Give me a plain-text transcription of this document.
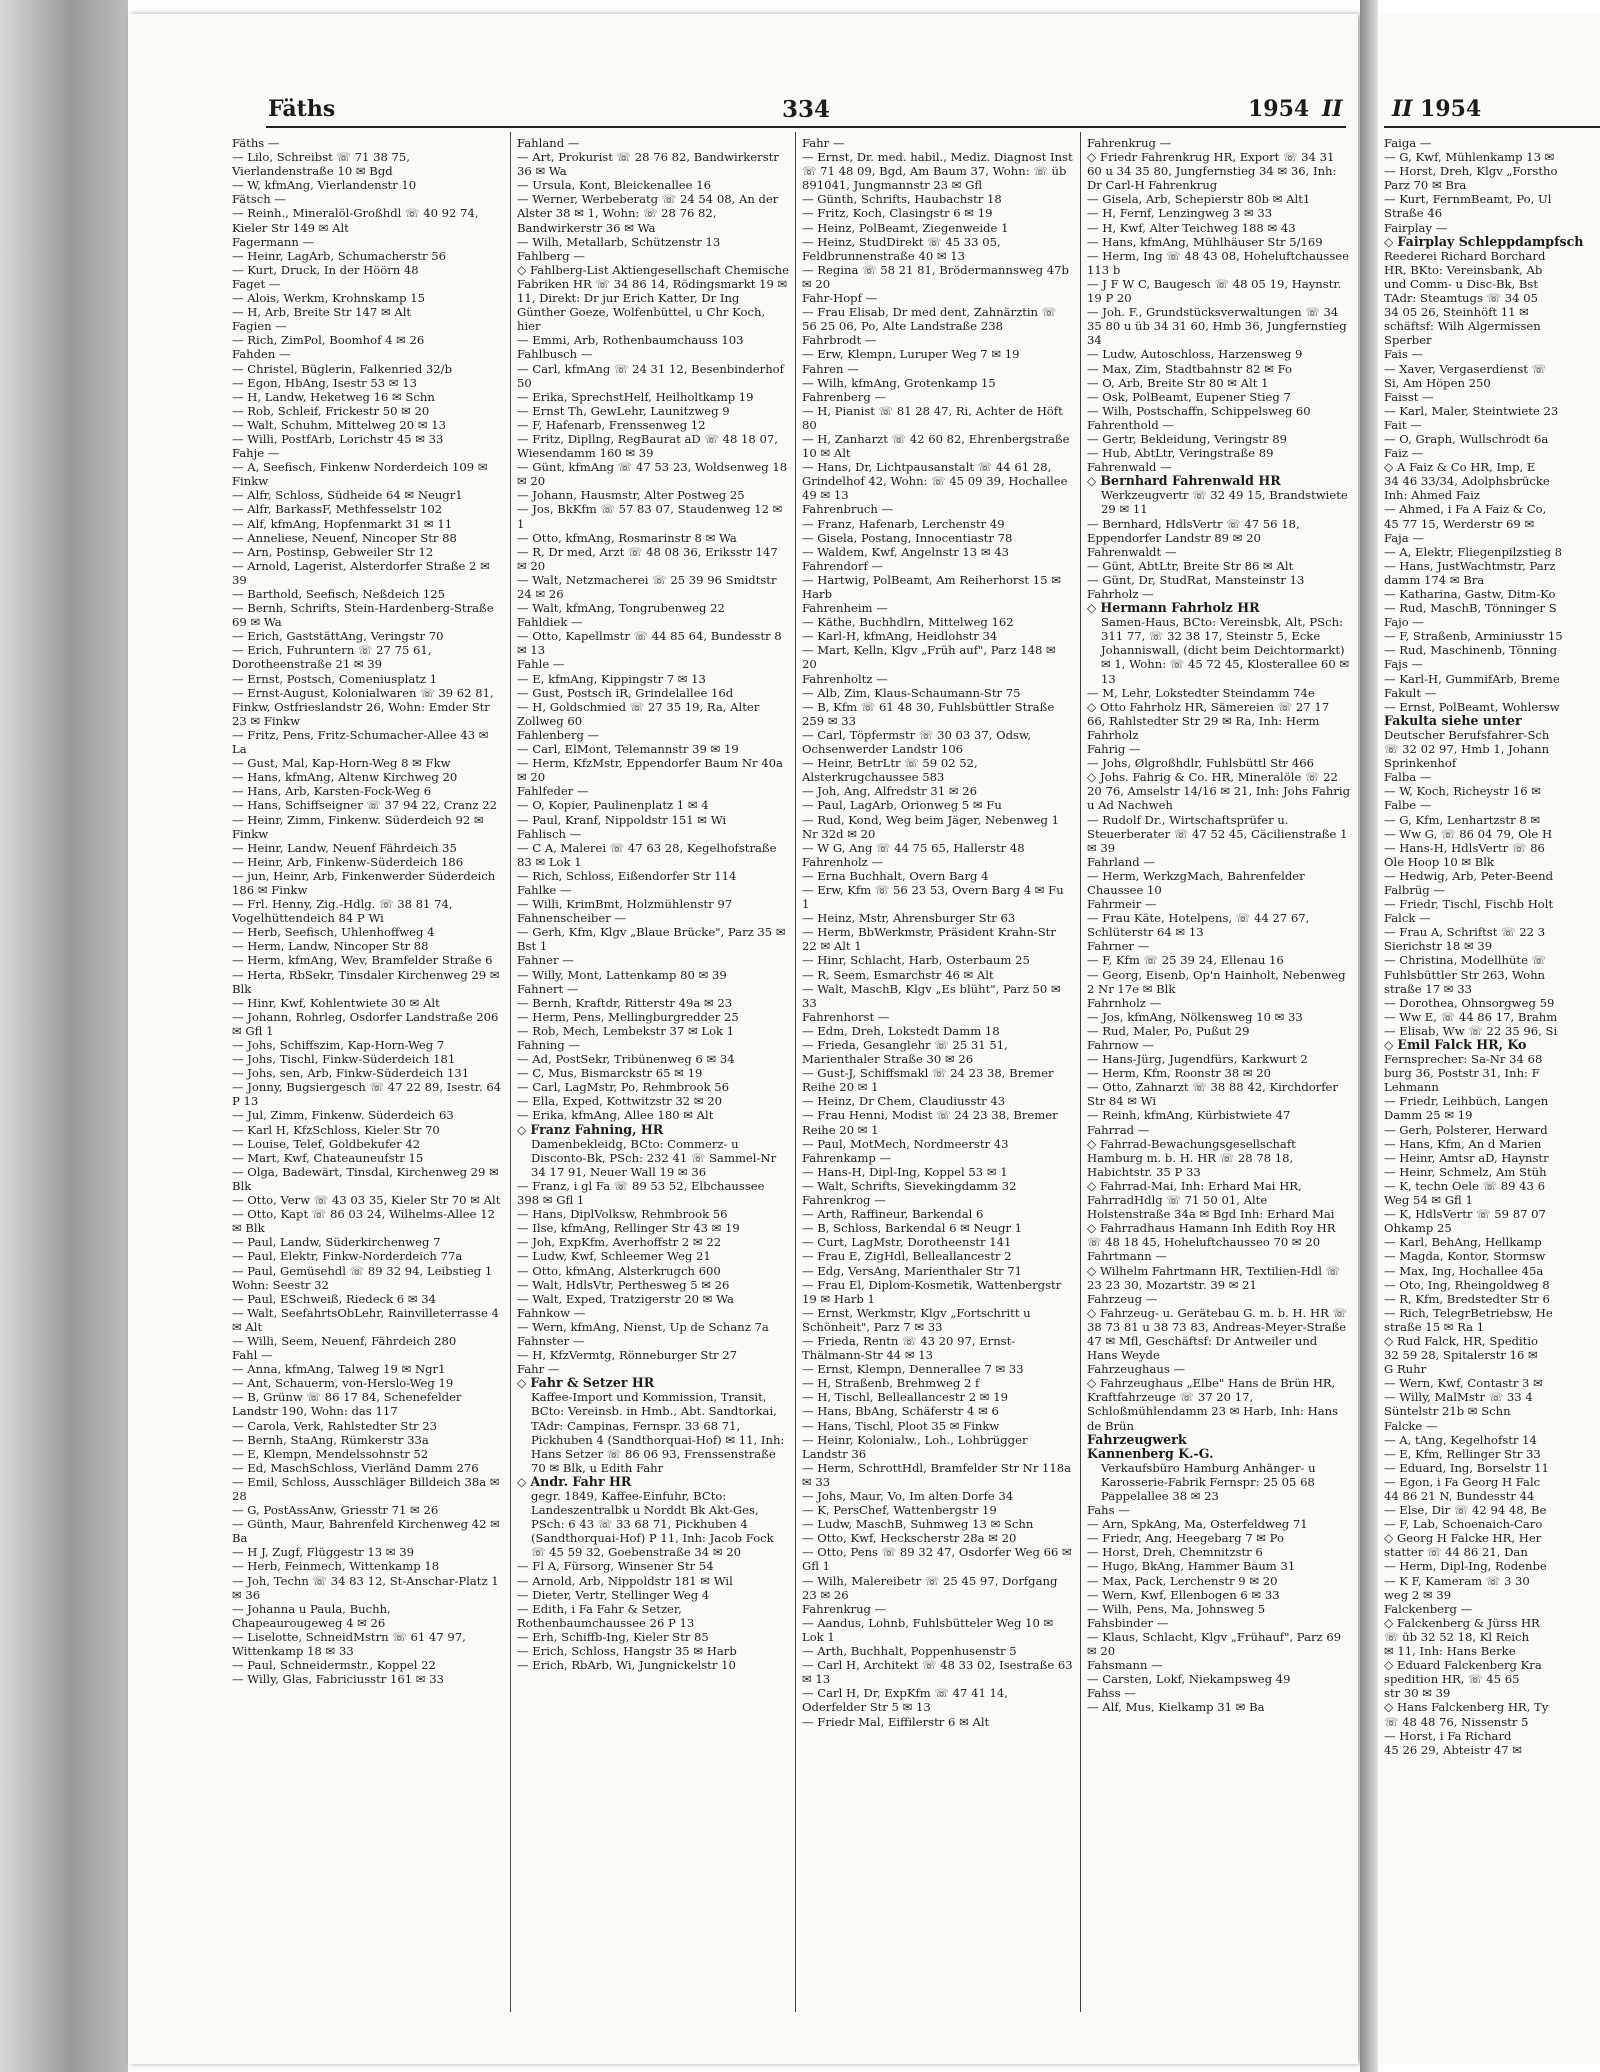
Fäths	334	1954 II II 1954
Fäths —
— Lilo, Schreibst ☏ 71 38 75, Vierlandenstraße 10 ✉ Bgd
— W, kfmAng, Vierlandenstr 10
Fätsch —
— Reinh., Mineralöl-Großhdl ☏ 40 92 74, Kieler Str 149 ✉ Alt
Fagermann —
— Heinr, LagArb, Schumacherstr 56
— Kurt, Druck, In der Höörn 48
Faget —
— Alois, Werkm, Krohnskamp 15
— H, Arb, Breite Str 147 ✉ Alt
Fagien —
— Rich, ZimPol, Boomhof 4 ✉ 26
Fahden —
— Christel, Büglerin, Falkenried 32/b
— Egon, HbAng, Isestr 53 ✉ 13
— H, Landw, Heketweg 16 ✉ Schn
— Rob, Schleif, Frickestr 50 ✉ 20
— Walt, Schuhm, Mittelweg 20 ✉ 13
— Willi, PostfArb, Lorichstr 45 ✉ 33
Fahje —
— A, Seefisch, Finkenw Norderdeich 109 ✉ Finkw
— Alfr, Schloss, Südheide 64 ✉ Neugr1
— Alfr, BarkassF, Methfesselstr 102
— Alf, kfmAng, Hopfenmarkt 31 ✉ 11
— Anneliese, Neuenf, Nincoper Str 88
— Arn, Postinsp, Gebweiler Str 12
— Arnold, Lagerist, Alsterdorfer Straße 2 ✉ 39
— Barthold, Seefisch, Neßdeich 125
— Bernh, Schrifts, Stein-Hardenberg-Straße 69 ✉ Wa
— Erich, GaststättAng, Veringstr 70
— Erich, Fuhruntern ☏ 27 75 61, Dorotheenstraße 21 ✉ 39
— Ernst, Postsch, Comeniusplatz 1
— Ernst-August, Kolonialwaren ☏ 39 62 81, Finkw, Ostfrieslandstr 26, Wohn: Emder Str 23 ✉ Finkw
— Fritz, Pens, Fritz-Schumacher-Allee 43 ✉ La
— Gust, Mal, Kap-Horn-Weg 8 ✉ Fkw
— Hans, kfmAng, Altenw Kirchweg 20
— Hans, Arb, Karsten-Fock-Weg 6
— Hans, Schiffseigner ☏ 37 94 22, Cranz 22
— Heinr, Zimm, Finkenw. Süderdeich 92 ✉ Finkw
— Heinr, Landw, Neuenf Fährdeich 35
— Heinr, Arb, Finkenw-Süderdeich 186
— jun, Heinr, Arb, Finkenwerder Süderdeich 186 ✉ Finkw
— Frl. Henny, Zig.-Hdlg. ☏ 38 81 74, Vogelhüttendeich 84 P Wi
— Herb, Seefisch, Uhlenhoffweg 4
— Herm, Landw, Nincoper Str 88
— Herm, kfmAng, Wev, Bramfelder Straße 6
— Herta, RbSekr, Tinsdaler Kirchenweg 29 ✉ Blk
— Hinr, Kwf, Kohlentwiete 30 ✉ Alt
— Johann, Rohrleg, Osdorfer Landstraße 206 ✉ Gfl 1
— Johs, Schiffszim, Kap-Horn-Weg 7
— Johs, Tischl, Finkw-Süderdeich 181
— Johs, sen, Arb, Finkw-Süderdeich 131
— Jonny, Bugsiergesch ☏ 47 22 89, Isestr. 64 P 13
— Jul, Zimm, Finkenw. Süderdeich 63
— Karl H, KfzSchloss, Kieler Str 70
— Louise, Telef, Goldbekufer 42
— Mart, Kwf, Chateauneufstr 15
— Olga, Badewärt, Tinsdal, Kirchenweg 29 ✉ Blk
— Otto, Verw ☏ 43 03 35, Kieler Str 70 ✉ Alt
— Otto, Kapt ☏ 86 03 24, Wilhelms-Allee 12 ✉ Blk
— Paul, Landw, Süderkirchenweg 7
— Paul, Elektr, Finkw-Norderdeich 77a
— Paul, Gemüsehdl ☏ 89 32 94, Leibstieg 1 Wohn: Seestr 32
— Paul, ESchweiß, Riedeck 6 ✉ 34
— Walt, SeefahrtsObLehr, Rainvilleterrasse 4 ✉ Alt
— Willi, Seem, Neuenf, Fährdeich 280
Fahl —
— Anna, kfmAng, Talweg 19 ✉ Ngr1
— Ant, Schauerm, von-Herslo-Weg 19
— B, Grünw ☏ 86 17 84, Schenefelder Landstr 190, Wohn: das 117
— Carola, Verk, Rahlstedter Str 23
— Bernh, StaAng, Rümkerstr 33a
— E, Klempn, Mendelssohnstr 52
— Ed, MaschSchloss, Vierländ Damm 276
— Emil, Schloss, Ausschläger Billdeich 38a ✉ 28
— G, PostAssAnw, Griesstr 71 ✉ 26
— Günth, Maur, Bahrenfeld Kirchenweg 42 ✉ Ba
— H J, Zugf, Flüggestr 13 ✉ 39
— Herb, Feinmech, Wittenkamp 18
— Joh, Techn ☏ 34 83 12, St-Anschar-Platz 1 ✉ 36
— Johanna u Paula, Buchh, Chapeaurougeweg 4 ✉ 26
— Liselotte, SchneidMstrn ☏ 61 47 97, Wittenkamp 18 ✉ 33
— Paul, Schneidermstr., Koppel 22
— Willy, Glas, Fabriciusstr 161 ✉ 33
Fahland —
— Art, Prokurist ☏ 28 76 82, Bandwirkerstr 36 ✉ Wa
— Ursula, Kont, Bleickenallee 16
— Werner, Werbeberatg ☏ 24 54 08, An der Alster 38 ✉ 1, Wohn: ☏ 28 76 82, Bandwirkerstr 36 ✉ Wa
— Wilh, Metallarb, Schützenstr 13
Fahlberg —
◇ Fahlberg-List Aktiengesellschaft Chemische Fabriken HR ☏ 34 86 14, Rödingsmarkt 19 ✉ 11, Direkt: Dr jur Erich Katter, Dr Ing Günther Goeze, Wolfenbüttel, u Chr Koch, hier
— Emmi, Arb, Rothenbaumchauss 103
Fahlbusch —
— Carl, kfmAng ☏ 24 31 12, Besenbinderhof 50
— Erika, SprechstHelf, Heilholtkamp 19
— Ernst Th, GewLehr, Launitzweg 9
— F, Hafenarb, Frenssenweg 12
— Fritz, Dipllng, RegBaurat aD ☏ 48 18 07, Wiesendamm 160 ✉ 39
— Günt, kfmAng ☏ 47 53 23, Woldsenweg 18 ✉ 20
— Johann, Hausmstr, Alter Postweg 25
— Jos, BkKfm ☏ 57 83 07, Staudenweg 12 ✉ 1
— Otto, kfmAng, Rosmarinstr 8 ✉ Wa
— R, Dr med, Arzt ☏ 48 08 36, Eriksstr 147 ✉ 20
— Walt, Netzmacherei ☏ 25 39 96 Smidtstr 24 ✉ 26
— Walt, kfmAng, Tongrubenweg 22
Fahldiek —
— Otto, Kapellmstr ☏ 44 85 64, Bundesstr 8 ✉ 13
Fahle —
— E, kfmAng, Kippingstr 7 ✉ 13
— Gust, Postsch iR, Grindelallee 16d
— H, Goldschmied ☏ 27 35 19, Ra, Alter Zollweg 60
Fahlenberg —
— Carl, ElMont, Telemannstr 39 ✉ 19
— Herm, KfzMstr, Eppendorfer Baum Nr 40a ✉ 20
Fahlfeder —
— O, Kopier, Paulinenplatz 1 ✉ 4
— Paul, Kranf, Nippoldstr 151 ✉ Wi
Fahlisch —
— C A, Malerei ☏ 47 63 28, Kegelhofstraße 83 ✉ Lok 1
— Rich, Schloss, Eißendorfer Str 114
Fahlke —
— Willi, KrimBmt, Holzmühlenstr 97
Fahnenscheiber —
— Gerh, Kfm, Klgv „Blaue Brücke", Parz 35 ✉ Bst 1
Fahner —
— Willy, Mont, Lattenkamp 80 ✉ 39
Fahnert —
— Bernh, Kraftdr, Ritterstr 49a ✉ 23
— Herm, Pens, Mellingburgredder 25
— Rob, Mech, Lembekstr 37 ✉ Lok 1
Fahning —
— Ad, PostSekr, Tribünenweg 6 ✉ 34
— C, Mus, Bismarckstr 65 ✉ 19
— Carl, LagMstr, Po, Rehmbrook 56
— Ella, Exped, Kottwitzstr 32 ✉ 20
— Erika, kfmAng, Allee 180 ✉ Alt
◇ Franz Fahning, HR
Damenbekleidg, BCto: Commerz- u Disconto-Bk, PSch: 232 41 ☏ Sammel-Nr 34 17 91, Neuer Wall 19 ✉ 36
— Franz, i gl Fa ☏ 89 53 52, Elbchaussee 398 ✉ Gfl 1
— Hans, DiplVolksw, Rehmbrook 56
— Ilse, kfmAng, Rellinger Str 43 ✉ 19
— Joh, ExpKfm, Averhoffstr 2 ✉ 22
— Ludw, Kwf, Schleemer Weg 21
— Otto, kfmAng, Alsterkrugch 600
— Walt, HdlsVtr, Perthesweg 5 ✉ 26
— Walt, Exped, Tratzigerstr 20 ✉ Wa
Fahnkow —
— Wern, kfmAng, Nienst, Up de Schanz 7a
Fahnster —
— H, KfzVermtg, Rönneburger Str 27
Fahr —
◇ Fahr & Setzer HR
Kaffee-Import und Kommission, Transit, BCto: Vereinsb. in Hmb., Abt. Sandtorkai, TAdr: Campinas, Fernspr. 33 68 71, Pickhuben 4 (Sandthorquai-Hof) ✉ 11, Inh: Hans Setzer ☏ 86 06 93, Frenssenstraße 70 ✉ Blk, u Edith Fahr
◇ Andr. Fahr HR
gegr. 1849, Kaffee-Einfuhr, BCto: Landeszentralbk u Norddt Bk Akt-Ges, PSch: 6 43 ☏ 33 68 71, Pickhuben 4 (Sandthorquai-Hof) P 11, Inh: Jacob Fock ☏ 45 59 32, Goebenstraße 34 ✉ 20
— Fl A, Fürsorg, Winsener Str 54
— Arnold, Arb, Nippoldstr 181 ✉ Wil
— Dieter, Vertr, Stellinger Weg 4
— Edith, i Fa Fahr & Setzer, Rothenbaumchaussee 26 P 13
— Erh, Schiffb-Ing, Kieler Str 85
— Erich, Schloss, Hangstr 35 ✉ Harb
— Erich, RbArb, Wi, Jungnickelstr 10
Fahr —
— Ernst, Dr. med. habil., Mediz. Diagnost Inst ☏ 71 48 09, Bgd, Am Baum 37, Wohn: ☏ üb 891041, Jungmannstr 23 ✉ Gfl
— Günth, Schrifts, Haubachstr 18
— Fritz, Koch, Clasingstr 6 ✉ 19
— Heinz, PolBeamt, Ziegenweide 1
— Heinz, StudDirekt ☏ 45 33 05, Feldbrunnenstraße 40 ✉ 13
— Regina ☏ 58 21 81, Brödermannsweg 47b ✉ 20
Fahr-Hopf —
— Frau Elisab, Dr med dent, Zahnärztin ☏ 56 25 06, Po, Alte Landstraße 238
Fahrbrodt —
— Erw, Klempn, Luruper Weg 7 ✉ 19
Fahren —
— Wilh, kfmAng, Grotenkamp 15
Fahrenberg —
— H, Pianist ☏ 81 28 47, Ri, Achter de Höft 80
— H, Zanharzt ☏ 42 60 82, Ehrenbergstraße 10 ✉ Alt
— Hans, Dr, Lichtpausanstalt ☏ 44 61 28, Grindelhof 42, Wohn: ☏ 45 09 39, Hochallee 49 ✉ 13
Fahrenbruch —
— Franz, Hafenarb, Lerchenstr 49
— Gisela, Postang, Innocentiastr 78
— Waldem, Kwf, Angelnstr 13 ✉ 43
Fahrendorf —
— Hartwig, PolBeamt, Am Reiherhorst 15 ✉ Harb
Fahrenheim —
— Käthe, Buchhdlrn, Mittelweg 162
— Karl-H, kfmAng, Heidlohstr 34
— Mart, Kelln, Klgv „Früh auf", Parz 148 ✉ 20
Fahrenholtz —
— Alb, Zim, Klaus-Schaumann-Str 75
— B, Kfm ☏ 61 48 30, Fuhlsbüttler Straße 259 ✉ 33
— Carl, Töpfermstr ☏ 30 03 37, Odsw, Ochsenwerder Landstr 106
— Heinr, BetrLtr ☏ 59 02 52, Alsterkrugchaussee 583
— Joh, Ang, Alfredstr 31 ✉ 26
— Paul, LagArb, Orionweg 5 ✉ Fu
— Rud, Kond, Weg beim Jäger, Nebenweg 1 Nr 32d ✉ 20
— W G, Ang ☏ 44 75 65, Hallerstr 48
Fahrenholz —
— Erna Buchhalt, Overn Barg 4
— Erw, Kfm ☏ 56 23 53, Overn Barg 4 ✉ Fu 1
— Heinz, Mstr, Ahrensburger Str 63
— Herm, BbWerkmstr, Präsident Krahn-Str 22 ✉ Alt 1
— Hinr, Schlacht, Harb, Osterbaum 25
— R, Seem, Esmarchstr 46 ✉ Alt
— Walt, MaschB, Klgv „Es blüht", Parz 50 ✉ 33
Fahrenhorst —
— Edm, Dreh, Lokstedt Damm 18
— Frieda, Gesanglehr ☏ 25 31 51, Marienthaler Straße 30 ✉ 26
— Gust-J, Schiffsmakl ☏ 24 23 38, Bremer Reihe 20 ✉ 1
— Heinz, Dr Chem, Claudiusstr 43
— Frau Henni, Modist ☏ 24 23 38, Bremer Reihe 20 ✉ 1
— Paul, MotMech, Nordmeerstr 43
Fahrenkamp —
— Hans-H, Dipl-Ing, Koppel 53 ✉ 1
— Walt, Schrifts, Sievekingdamm 32
Fahrenkrog —
— Arth, Raffineur, Barkendal 6
— B, Schloss, Barkendal 6 ✉ Neugr 1
— Curt, LagMstr, Dorotheenstr 141
— Frau E, ZigHdl, Belleallancestr 2
— Edg, VersAng, Marienthaler Str 71
— Frau El, Diplom-Kosmetik, Wattenbergstr 19 ✉ Harb 1
— Ernst, Werkmstr, Klgv „Fortschritt u Schönheit", Parz 7 ✉ 33
— Frieda, Rentn ☏ 43 20 97, Ernst-Thälmann-Str 44 ✉ 13
— Ernst, Klempn, Dennerallee 7 ✉ 33
— H, Straßenb, Brehmweg 2 f
— H, Tischl, Belleallancestr 2 ✉ 19
— Hans, BbAng, Schäferstr 4 ✉ 6
— Hans, Tischl, Ploot 35 ✉ Finkw
— Heinr, Kolonialw., Loh., Lohbrügger Landstr 36
— Herm, SchrottHdl, Bramfelder Str Nr 118a ✉ 33
— Johs, Maur, Vo, Im alten Dorfe 34
— K, PersChef, Wattenbergstr 19
— Ludw, MaschB, Suhmweg 13 ✉ Schn
— Otto, Kwf, Heckscherstr 28a ✉ 20
— Otto, Pens ☏ 89 32 47, Osdorfer Weg 66 ✉ Gfl 1
— Wilh, Malereibetr ☏ 25 45 97, Dorfgang 23 ✉ 26
Fahrenkrug —
— Aandus, Lohnb, Fuhlsbütteler Weg 10 ✉ Lok 1
— Arth, Buchhalt, Poppenhusenstr 5
— Carl H, Architekt ☏ 48 33 02, Isestraße 63 ✉ 13
— Carl H, Dr, ExpKfm ☏ 47 41 14, Oderfelder Str 5 ✉ 13
— Friedr Mal, Eiffilerstr 6 ✉ Alt
Fahrenkrug —
◇ Friedr Fahrenkrug HR, Export ☏ 34 31 60 u 34 35 80, Jungfernstieg 34 ✉ 36, Inh: Dr Carl-H Fahrenkrug
— Gisela, Arb, Schepierstr 80b ✉ Alt1
— H, Fernf, Lenzingweg 3 ✉ 33
— H, Kwf, Alter Teichweg 188 ✉ 43
— Hans, kfmAng, Mühlhäuser Str 5/169
— Herm, Ing ☏ 48 43 08, Hoheluftchaussee 113 b
— J F W C, Baugesch ☏ 48 05 19, Haynstr. 19 P 20
— Joh. F., Grundstücksverwaltungen ☏ 34 35 80 u üb 34 31 60, Hmb 36, Jungfernstieg 34
— Ludw, Autoschloss, Harzensweg 9
— Max, Zim, Stadtbahnstr 82 ✉ Fo
— O, Arb, Breite Str 80 ✉ Alt 1
— Osk, PolBeamt, Eupener Stieg 7
— Wilh, Postschaffn, Schippelsweg 60
Fahrenthold —
— Gertr, Bekleidung, Veringstr 89
— Hub, AbtLtr, Veringstraße 89
Fahrenwald —
◇ Bernhard Fahrenwald HR
Werkzeugvertr ☏ 32 49 15, Brandstwiete 29 ✉ 11
— Bernhard, HdlsVertr ☏ 47 56 18, Eppendorfer Landstr 89 ✉ 20
Fahrenwaldt —
— Günt, AbtLtr, Breite Str 86 ✉ Alt
— Günt, Dr, StudRat, Mansteinstr 13
Fahrholz —
◇ Hermann Fahrholz HR
Samen-Haus, BCto: Vereinsbk, Alt, PSch: 311 77, ☏ 32 38 17, Steinstr 5, Ecke Johanniswall, (dicht beim Deichtormarkt) ✉ 1, Wohn: ☏ 45 72 45, Klosterallee 60 ✉ 13
— M, Lehr, Lokstedter Steindamm 74e
◇ Otto Fahrholz HR, Sämereien ☏ 27 17 66, Rahlstedter Str 29 ✉ Ra, Inh: Herm Fahrholz
Fahrig —
— Johs, Ølgroßhdlr, Fuhlsbüttl Str 466
◇ Johs. Fahrig & Co. HR, Mineralöle ☏ 22 20 76, Amselstr 14/16 ✉ 21, Inh: Johs Fahrig u Ad Nachweh
— Rudolf Dr., Wirtschaftsprüfer u. Steuerberater ☏ 47 52 45, Cäcilienstraße 1 ✉ 39
Fahrland —
— Herm, WerkzgMach, Bahrenfelder Chaussee 10
Fahrmeir —
— Frau Käte, Hotelpens, ☏ 44 27 67, Schlüterstr 64 ✉ 13
Fahrner —
— F, Kfm ☏ 25 39 24, Ellenau 16
— Georg, Eisenb, Op'n Hainholt, Nebenweg 2 Nr 17e ✉ Blk
Fahrnholz —
— Jos, kfmAng, Nölkensweg 10 ✉ 33
— Rud, Maler, Po, Pußut 29
Fahrnow —
— Hans-Jürg, Jugendfürs, Karkwurt 2
— Herm, Kfm, Roonstr 38 ✉ 20
— Otto, Zahnarzt ☏ 38 88 42, Kirchdorfer Str 84 ✉ Wi
— Reinh, kfmAng, Kürbistwiete 47
Fahrrad —
◇ Fahrrad-Bewachungsgesellschaft Hamburg m. b. H. HR ☏ 28 78 18, Habichtstr. 35 P 33
◇ Fahrrad-Mai, Inh: Erhard Mai HR, FahrradHdlg ☏ 71 50 01, Alte Holstenstraße 34a ✉ Bgd Inh: Erhard Mai
◇ Fahrradhaus Hamann Inh Edith Roy HR ☏ 48 18 45, Hoheluftchausseo 70 ✉ 20
Fahrtmann —
◇ Wilhelm Fahrtmann HR, Textilien-Hdl ☏ 23 23 30, Mozartstr. 39 ✉ 21
Fahrzeug —
◇ Fahrzeug- u. Gerätebau G. m. b. H. HR ☏ 38 73 81 u 38 73 83, Andreas-Meyer-Straße 47 ✉ Mfl, Geschäftsf: Dr Antweiler und Hans Weyde
Fahrzeughaus —
◇ Fahrzeughaus „Elbe" Hans de Brün HR, Kraftfahrzeuge ☏ 37 20 17, Schloßmühlendamm 23 ✉ Harb, Inh: Hans de Brün
Fahrzeugwerk
Kannenberg K.-G.
Verkaufsbüro Hamburg Anhänger- u Karosserie-Fabrik Fernspr: 25 05 68 Pappelallee 38 ✉ 23
Fahs —
— Arn, SpkAng, Ma, Osterfeldweg 71
— Friedr, Ang, Heegebarg 7 ✉ Po
— Horst, Dreh, Chemnitzstr 6
— Hugo, BkAng, Hammer Baum 31
— Max, Pack, Lerchenstr 9 ✉ 20
— Wern, Kwf, Ellenbogen 6 ✉ 33
— Wilh, Pens, Ma, Johnsweg 5
Fahsbinder —
— Klaus, Schlacht, Klgv „Frühauf", Parz 69 ✉ 20
Fahsmann —
— Carsten, Lokf, Niekampsweg 49
Fahss —
— Alf, Mus, Kielkamp 31 ✉ Ba
Faiga —
— G, Kwf, Mühlenkamp 13 ✉
— Horst, Dreh, Klgv „Forstho
Parz 70 ✉ Bra
— Kurt, FernmBeamt, Po, Ul
Straße 46
Fairplay —
◇ Fairplay Schleppdampfsch
Reederei Richard Borchard
HR, BKto: Vereinsbank, Ab
und Comm- u Disc-Bk, Bst
TAdr: Steamtugs ☏ 34 05
34 05 26, Steinhöft 11 ✉
schäftsf: Wilh Algermissen
Sperber
Fais —
— Xaver, Vergaserdienst ☏
Si, Am Höpen 250
Faisst —
— Karl, Maler, Steintwiete 23
Fait —
— O, Graph, Wullschrodt 6a
Faiz —
◇ A Faiz & Co HR, Imp, E
34 46 33/34, Adolphsbrücke
Inh: Ahmed Faiz
— Ahmed, i Fa A Faiz & Co,
45 77 15, Werderstr 69 ✉
Faja —
— A, Elektr, Fliegenpilzstieg 8
— Hans, JustWachtmstr, Parz
damm 174 ✉ Bra
— Katharina, Gastw, Ditm-Ko
— Rud, MaschB, Tönninger S
Fajo —
— F, Straßenb, Arminiusstr 15
— Rud, Maschinenb, Tönning
Fajs —
— Karl-H, GummifArb, Breme
Fakult —
— Ernst, PolBeamt, Wohlersw
Fakulta siehe unter
Deutscher Berufsfahrer-Sch
☏ 32 02 97, Hmb 1, Johann
Sprinkenhof
Falba —
— W, Koch, Richeystr 16 ✉
Falbe —
— G, Kfm, Lenhartzstr 8 ✉
— Ww G, ☏ 86 04 79, Ole H
— Hans-H, HdlsVertr ☏ 86
Ole Hoop 10 ✉ Blk
— Hedwig, Arb, Peter-Beend
Falbrüg —
— Friedr, Tischl, Fischb Holt
Falck —
— Frau A, Schriftst ☏ 22 3
Sierichstr 18 ✉ 39
— Christina, Modellhüte ☏
Fuhlsbüttler Str 263, Wohn
straße 17 ✉ 33
— Dorothea, Ohnsorgweg 59
— Ww E, ☏ 44 86 17, Brahm
— Elisab, Ww ☏ 22 35 96, Si
◇ Emil Falck HR, Ko
Fernsprecher: Sa-Nr 34 68
burg 36, Poststr 31, Inh: F
Lehmann
— Friedr, Leihbüch, Langen
Damm 25 ✉ 19
— Gerh, Polsterer, Herward
— Hans, Kfm, An d Marien
— Heinr, Amtsr aD, Haynstr
— Heinr, Schmelz, Am Stüh
— K, techn Oele ☏ 89 43 6
Weg 54 ✉ Gfl 1
— K, HdlsVertr ☏ 59 87 07
Ohkamp 25
— Karl, BehAng, Hellkamp
— Magda, Kontor, Stormsw
— Max, Ing, Hochallee 45a
— Oto, Ing, Rheingoldweg 8
— R, Kfm, Bredstedter Str 6
— Rich, TelegrBetriebsw, He
straße 15 ✉ Ra 1
◇ Rud Falck, HR, Speditio
32 59 28, Spitalerstr 16 ✉
G Ruhr
— Wern, Kwf, Contastr 3 ✉
— Willy, MalMstr ☏ 33 4
Süntelstr 21b ✉ Schn
Falcke —
— A, tAng, Kegelhofstr 14
— E, Kfm, Rellinger Str 33
— Eduard, Ing, Borselstr 11
— Egon, i Fa Georg H Falc
44 86 21 N, Bundesstr 44
— Else, Dir ☏ 42 94 48, Be
— F, Lab, Schoenaich-Caro
◇ Georg H Falcke HR, Her
statter ☏ 44 86 21, Dan
— Herm, Dipl-Ing, Rodenbe
— K F, Kameram ☏ 3 30
weg 2 ✉ 39
Falckenberg —
◇ Falckenberg & Jürss HR
☏ üb 32 52 18, Kl Reich
✉ 11, Inh: Hans Berke
◇ Eduard Falckenberg Kra
spedition HR, ☏ 45 65
str 30 ✉ 39
◇ Hans Falckenberg HR, Ty
☏ 48 48 76, Nissenstr 5
— Horst, i Fa Richard
45 26 29, Abteistr 47 ✉
